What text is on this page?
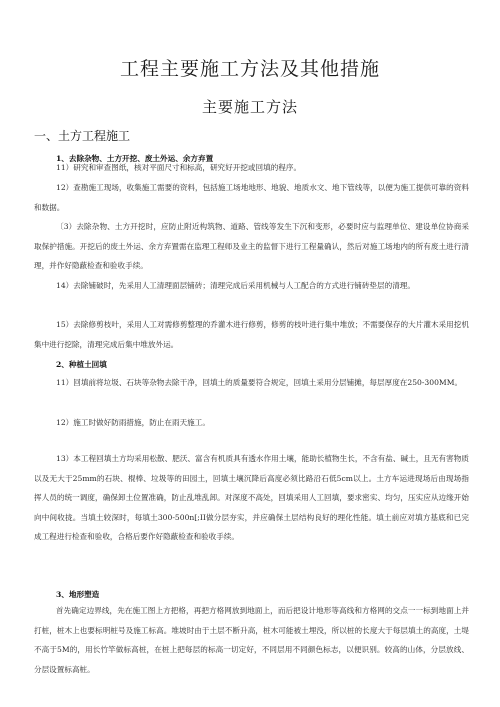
工程主要施工方法及其他措施
主要施工方法
一、土方工程施工
1、去除杂物、土方开挖、废土外运、余方弃置
11）研究和审查图纸，核对平面尺寸和标高，研究好开挖或回填的程序。
12）查勘施工现场，收集施工需要的资料，包括施工场地地形、地貌、地质水文、地下管线等，以便为施工提供可靠的资料和数据。
〔3）去除杂物、土方开挖时，应防止附近构筑物、道路、管线等发生下沉和变形，必要时应与监理单位、建设单位协商采取保护措施。开挖后的废土外运、余方弃置需在监理工程师及业主的监督下进行工程量确认，然后对施工场地内的所有废土进行清理，并作好隐蔽检查和验收手续。
14）去除铺破时，先采用人工清理面层铺砖；清理完成后采用机械与人工配合的方式进行铺砖垫层的清理。
15）去除修剪枝叶，采用人工对需修剪整理的乔灌木进行修剪，修剪的枝叶进行集中堆放；不需要保存的大片灌木采用挖机集中进行挖除，清理完成后集中堆放外运。
2、种植土回填
11）回填前将垃圾、石块等杂物去除干净，回填土的质量要符合规定，回填土采用分层铺摊，每层厚度在250-300MM。
12）施工时做好防雨措施，防止在雨天施工。
13）本工程回填土方均采用松散、肥沃、富含有机质具有透水作用土壤，能助长植物生长，不含有盐、碱土，且无有害物质以及无大于25mm的石块、棍棒、垃圾等的田园土，回填土壤沉降后高度必须比路沿石低5cm以上。土方车运进现场后由现场指挥人员的统一调度，确保卸土位置准确，防止乱堆乱卸。对深度不高处，回填采用人工回填，要求密实、均匀，压实应从边缘开始向中间收拢。当填土较深时，每填土300-500n[;II做分层夯实，并应确保土层结构良好的理化性能。填土前应对填方基底和已完成工程进行检查和验收，合格后要作好隐蔽检查和验收手续。
3、地形塑造
首先确定边界线，先在施工图上方把格，再把方格网放到地面上，而后把设计地形等高线和方格网的交点一一标到地面上并打桩，桩木上也要标明桩号及施工标高。堆坡时由于土层不断升高，桩木可能被土埋没，所以桩的长度大于每层填土的高度，土堤不高于5M的，用长竹竿做标高桩，在桩上把每层的标高一切定好，不同层用不同颜色标志，以便识别。较高的山体，分层放线、分层设置标高桩。
